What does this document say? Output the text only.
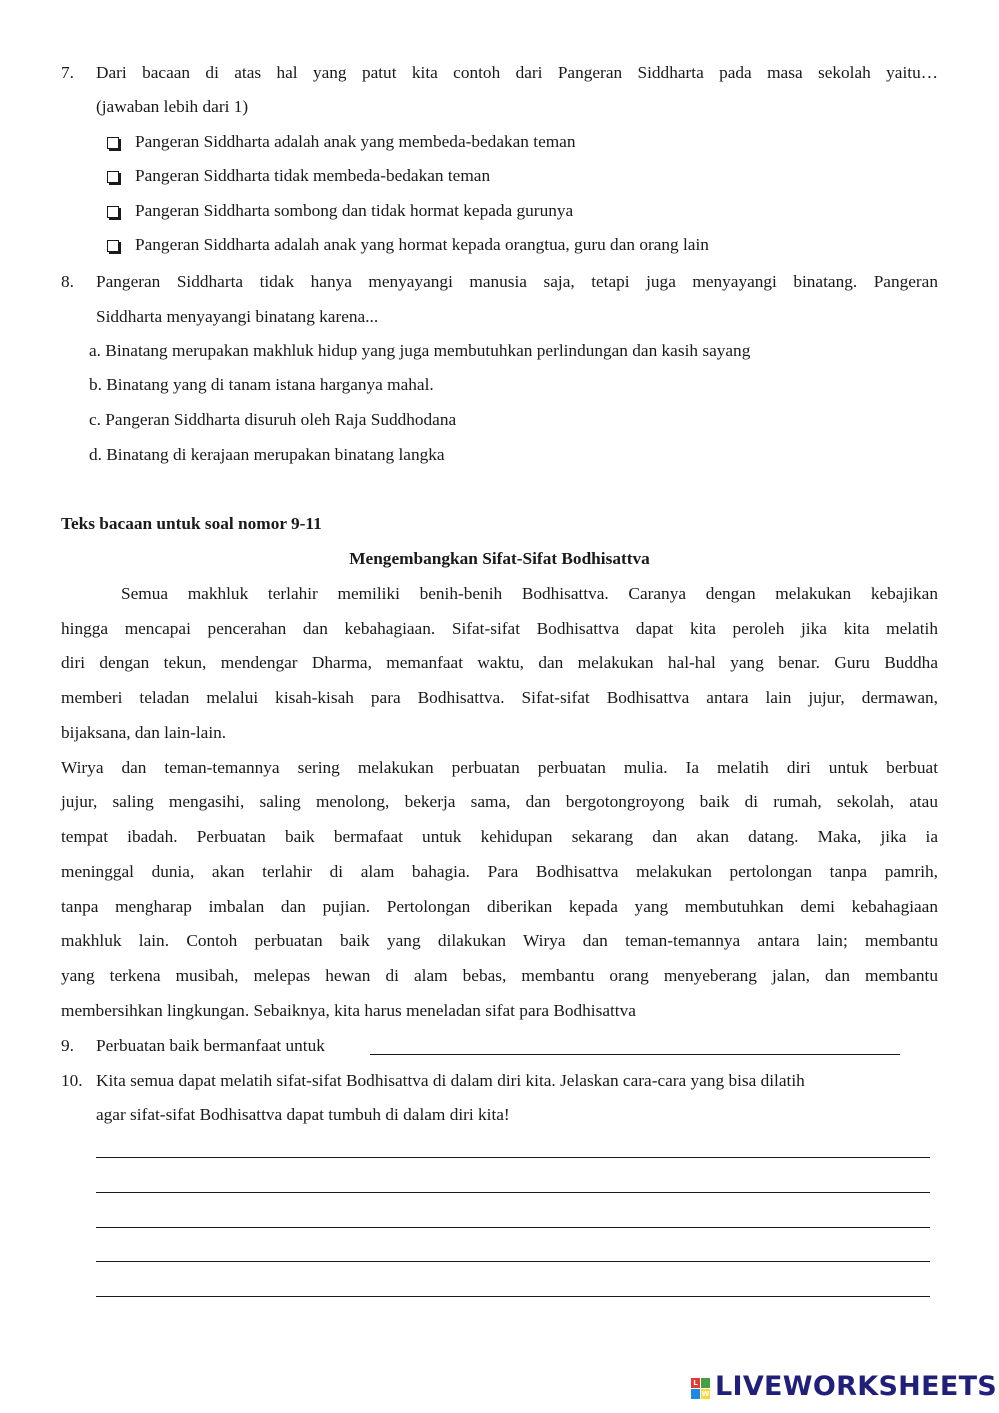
7. Dari bacaan di atas hal yang patut kita contoh dari Pangeran Siddharta pada masa sekolah yaitu…
(jawaban lebih dari 1)
Pangeran Siddharta adalah anak yang membeda-bedakan teman
Pangeran Siddharta tidak membeda-bedakan teman
Pangeran Siddharta sombong dan tidak hormat kepada gurunya
Pangeran Siddharta adalah anak yang hormat kepada orangtua, guru dan orang lain
8. Pangeran Siddharta tidak hanya menyayangi manusia saja, tetapi juga menyayangi binatang. Pangeran
Siddharta menyayangi binatang karena...
a. Binatang merupakan makhluk hidup yang juga membutuhkan perlindungan dan kasih sayang
b. Binatang yang di tanam istana harganya mahal.
c. Pangeran Siddharta disuruh oleh Raja Suddhodana
d. Binatang di kerajaan merupakan binatang langka
Teks bacaan untuk soal nomor 9-11
Mengembangkan Sifat-Sifat Bodhisattva
Semua makhluk terlahir memiliki benih-benih Bodhisattva. Caranya dengan melakukan kebajikan
hingga mencapai pencerahan dan kebahagiaan. Sifat-sifat Bodhisattva dapat kita peroleh jika kita melatih
diri dengan tekun, mendengar Dharma, memanfaat waktu, dan melakukan hal-hal yang benar. Guru Buddha
memberi teladan melalui kisah-kisah para Bodhisattva. Sifat-sifat Bodhisattva antara lain jujur, dermawan,
bijaksana, dan lain-lain.
Wirya dan teman-temannya sering melakukan perbuatan perbuatan mulia. Ia melatih diri untuk berbuat
jujur, saling mengasihi, saling menolong, bekerja sama, dan bergotongroyong baik di rumah, sekolah, atau
tempat ibadah. Perbuatan baik bermafaat untuk kehidupan sekarang dan akan datang. Maka, jika ia
meninggal dunia, akan terlahir di alam bahagia. Para Bodhisattva melakukan pertolongan tanpa pamrih,
tanpa mengharap imbalan dan pujian. Pertolongan diberikan kepada yang membutuhkan demi kebahagiaan
makhluk lain. Contoh perbuatan baik yang dilakukan Wirya dan teman-temannya antara lain; membantu
yang terkena musibah, melepas hewan di alam bebas, membantu orang menyeberang jalan, dan membantu
membersihkan lingkungan. Sebaiknya, kita harus meneladan sifat para Bodhisattva
9. Perbuatan baik bermanfaat untuk
10. Kita semua dapat melatih sifat-sifat Bodhisattva di dalam diri kita. Jelaskan cara-cara yang bisa dilatih
agar sifat-sifat Bodhisattva dapat tumbuh di dalam diri kita!
L
W LIVEWORKSHEETS
